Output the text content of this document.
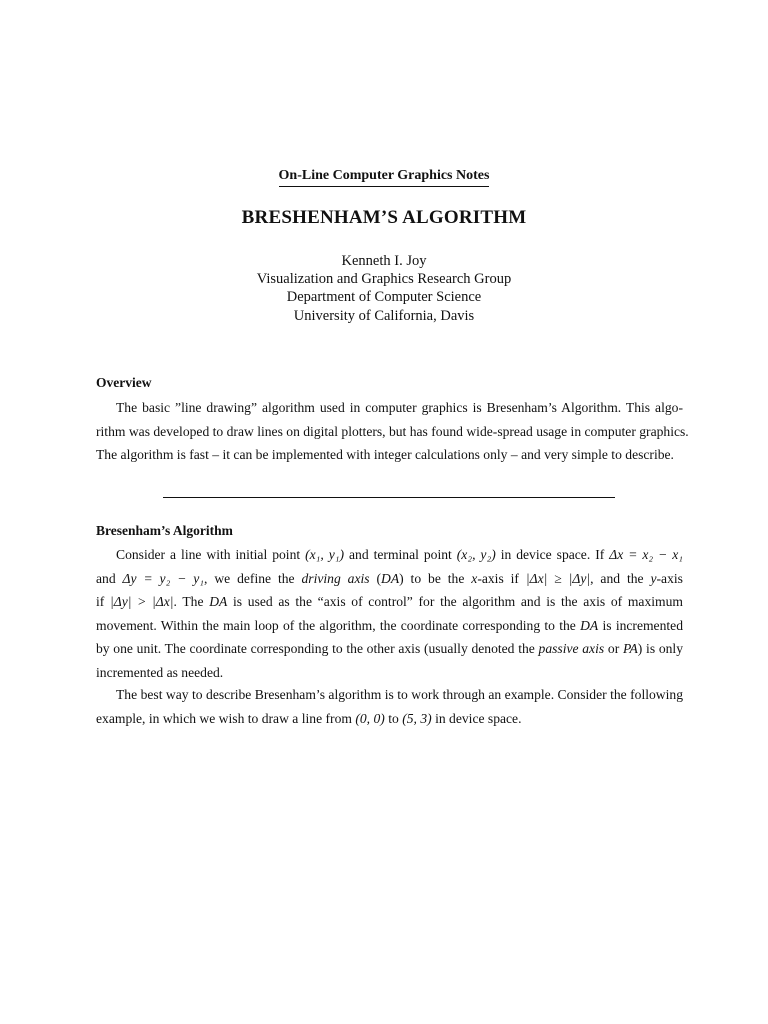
On-Line Computer Graphics Notes
BRESHENHAM’S ALGORITHM
Kenneth I. Joy
Visualization and Graphics Research Group
Department of Computer Science
University of California, Davis
Overview
The basic ”line drawing” algorithm used in computer graphics is Bresenham’s Algorithm. This algo-
rithm was developed to draw lines on digital plotters, but has found wide-spread usage in computer graphics.
The algorithm is fast – it can be implemented with integer calculations only – and very simple to describe.
Bresenham’s Algorithm
Consider a line with initial point (x₁, y₁) and terminal point (x₂, y₂) in device space. If Δx = x₂ − x₁
and Δy = y₂ − y₁, we define the driving axis (DA) to be the x-axis if |Δx| ≥ |Δy|, and the y-axis
if |Δy| > |Δx|. The DA is used as the “axis of control” for the algorithm and is the axis of maximum
movement. Within the main loop of the algorithm, the coordinate corresponding to the DA is incremented
by one unit. The coordinate corresponding to the other axis (usually denoted the passive axis or PA) is only
incremented as needed.
The best way to describe Bresenham’s algorithm is to work through an example. Consider the following
example, in which we wish to draw a line from (0, 0) to (5, 3) in device space.
